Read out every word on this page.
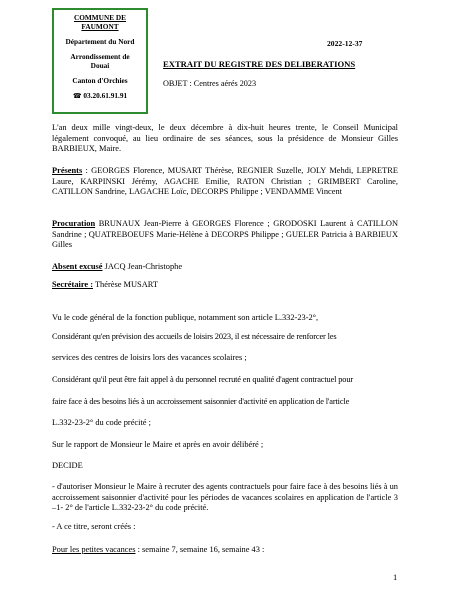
COMMUNE DE
FAUMONT
Département du Nord
Arrondissement de
Douai
Canton d'Orchies
☎ 03.20.61.91.91
2022-12-37
EXTRAIT DU REGISTRE DES DELIBERATIONS
OBJET : Centres aérés 2023

L'an deux mille vingt-deux, le deux décembre à dix-huit heures trente, le Conseil Municipal légalement convoqué, au lieu ordinaire de ses séances, sous la présidence de Monsieur Gilles BARBIEUX, Maire.

Présents : GEORGES Florence, MUSART Thérèse, REGNIER Suzelle, JOLY Mehdi, LEPRETRE Laure, KARPINSKI Jérémy, AGACHE Emilie, RATON Christian ; GRIMBERT Caroline, CATILLON Sandrine, LAGACHE Loïc, DECORPS Philippe ; VENDAMME Vincent

Procuration BRUNAUX Jean-Pierre à GEORGES Florence ; GRODOSKI Laurent à CATILLON Sandrine ; QUATREBOEUFS Marie-Hélène à DECORPS Philippe ; GUELER Patricia à BARBIEUX Gilles

Absent excusé JACQ Jean-Christophe

Secrétaire : Thérèse MUSART

Vu le code général de la fonction publique, notamment son article L.332-23-2°,

Considérant qu'en prévision des accueils de loisirs 2023, il est nécessaire de renforcer les

services des centres de loisirs lors des vacances scolaires ;

Considérant qu'il peut être fait appel à du personnel recruté en qualité d'agent contractuel pour

faire face à des besoins liés à un accroissement saisonnier d'activité en application de l'article

L.332-23-2° du code précité ;

Sur le rapport de Monsieur le Maire et après en avoir délibéré ;

DECIDE

- d'autoriser Monsieur le Maire à recruter des agents contractuels pour faire face à des besoins liés à un accroissement saisonnier d'activité pour les périodes de vacances scolaires en application de l'article 3 –1- 2° de l'article L.332-23-2° du code précité.

- A ce titre, seront créés :

Pour les petites vacances : semaine 7, semaine 16, semaine 43 :

1
